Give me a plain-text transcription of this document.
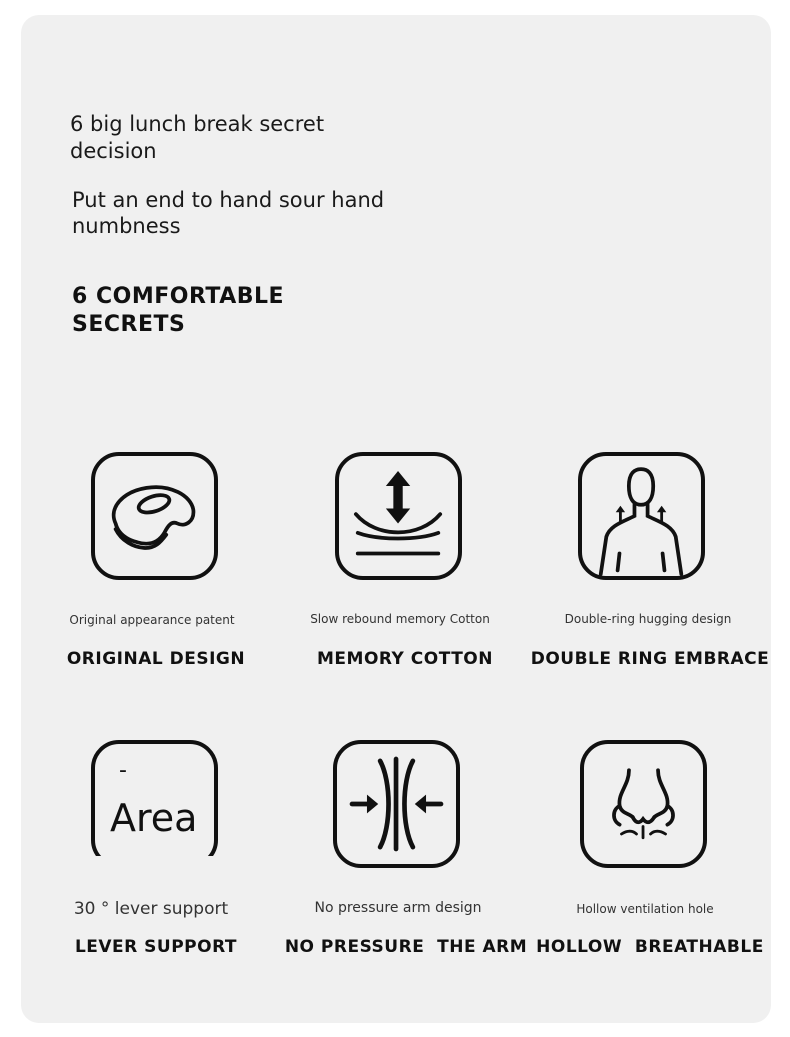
6 big lunch break secret decision
Put an end to hand sour hand numbness
6 COMFORTABLE SECRETS
Original appearance patent
ORIGINAL DESIGN
Slow rebound memory Cotton
MEMORY COTTON
Double-ring hugging design
DOUBLE RING EMBRACE
-
Area
30 ° lever support
LEVER SUPPORT
No pressure arm design
NO PRESSURE  THE ARM
Hollow ventilation hole
HOLLOW  BREATHABLE
